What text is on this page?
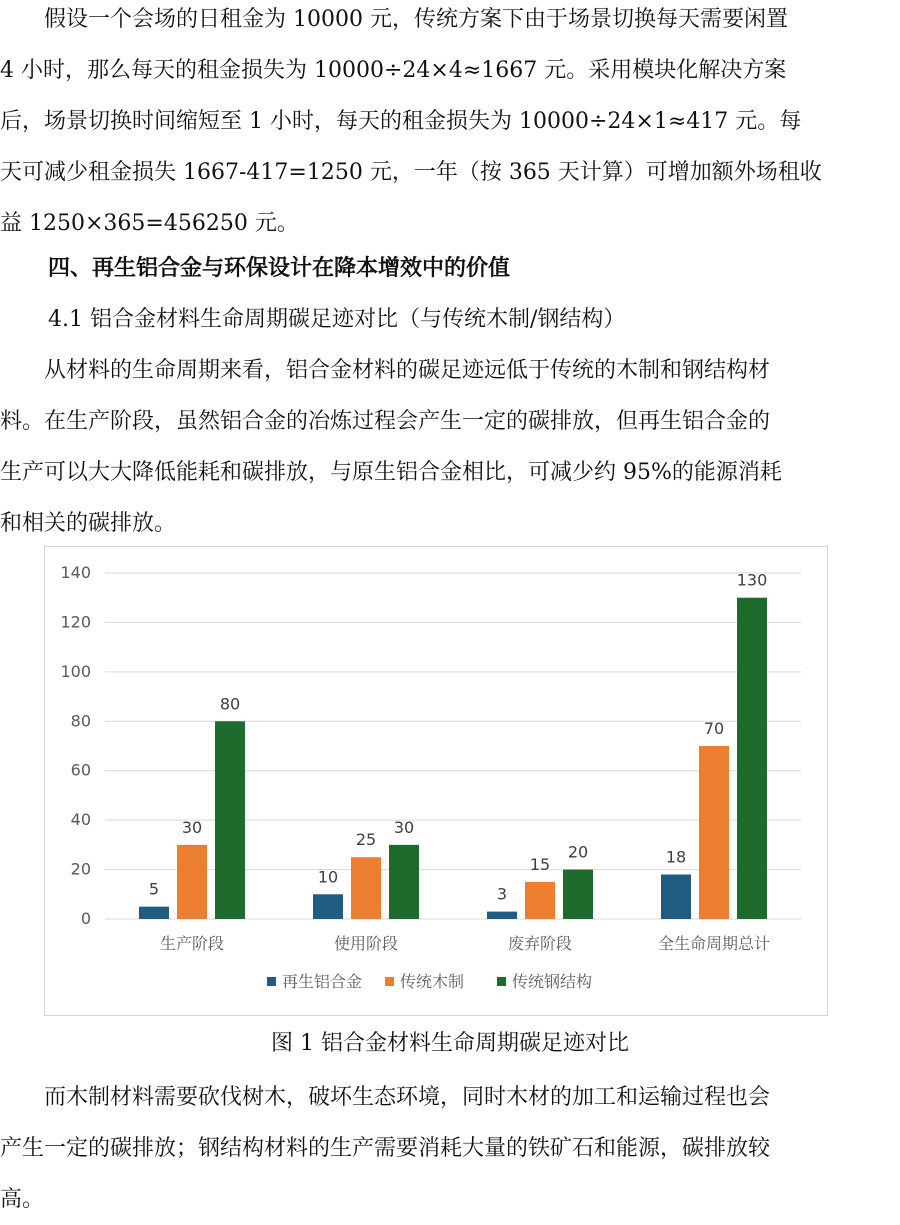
假设一个会场的日租金为 10000 元，传统方案下由于场景切换每天需要闲置
4 小时，那么每天的租金损失为 10000÷24×4≈1667 元。采用模块化解决方案
后，场景切换时间缩短至 1 小时，每天的租金损失为 10000÷24×1≈417 元。每
天可减少租金损失 1667-417=1250 元，一年（按 365 天计算）可增加额外场租收
益 1250×365=456250 元。

四、再生铝合金与环保设计在降本增效中的价值

4.1 铝合金材料生命周期碳足迹对比（与传统木制/钢结构）

从材料的生命周期来看，铝合金材料的碳足迹远低于传统的木制和钢结构材
料。在生产阶段，虽然铝合金的冶炼过程会产生一定的碳排放，但再生铝合金的
生产可以大大降低能耗和碳排放，与原生铝合金相比，可减少约 95%的能源消耗
和相关的碳排放。
0
20
40
60
80
100
120
140
5
30
80
生产阶段
10
25
30
使用阶段
3
15
20
废弃阶段
18
70
130
全生命周期总计
再生铝合金 传统木制	传统钢结构

图 1 铝合金材料生命周期碳足迹对比

而木制材料需要砍伐树木，破坏生态环境，同时木材的加工和运输过程也会
产生一定的碳排放；钢结构材料的生产需要消耗大量的铁矿石和能源，碳排放较
高。
